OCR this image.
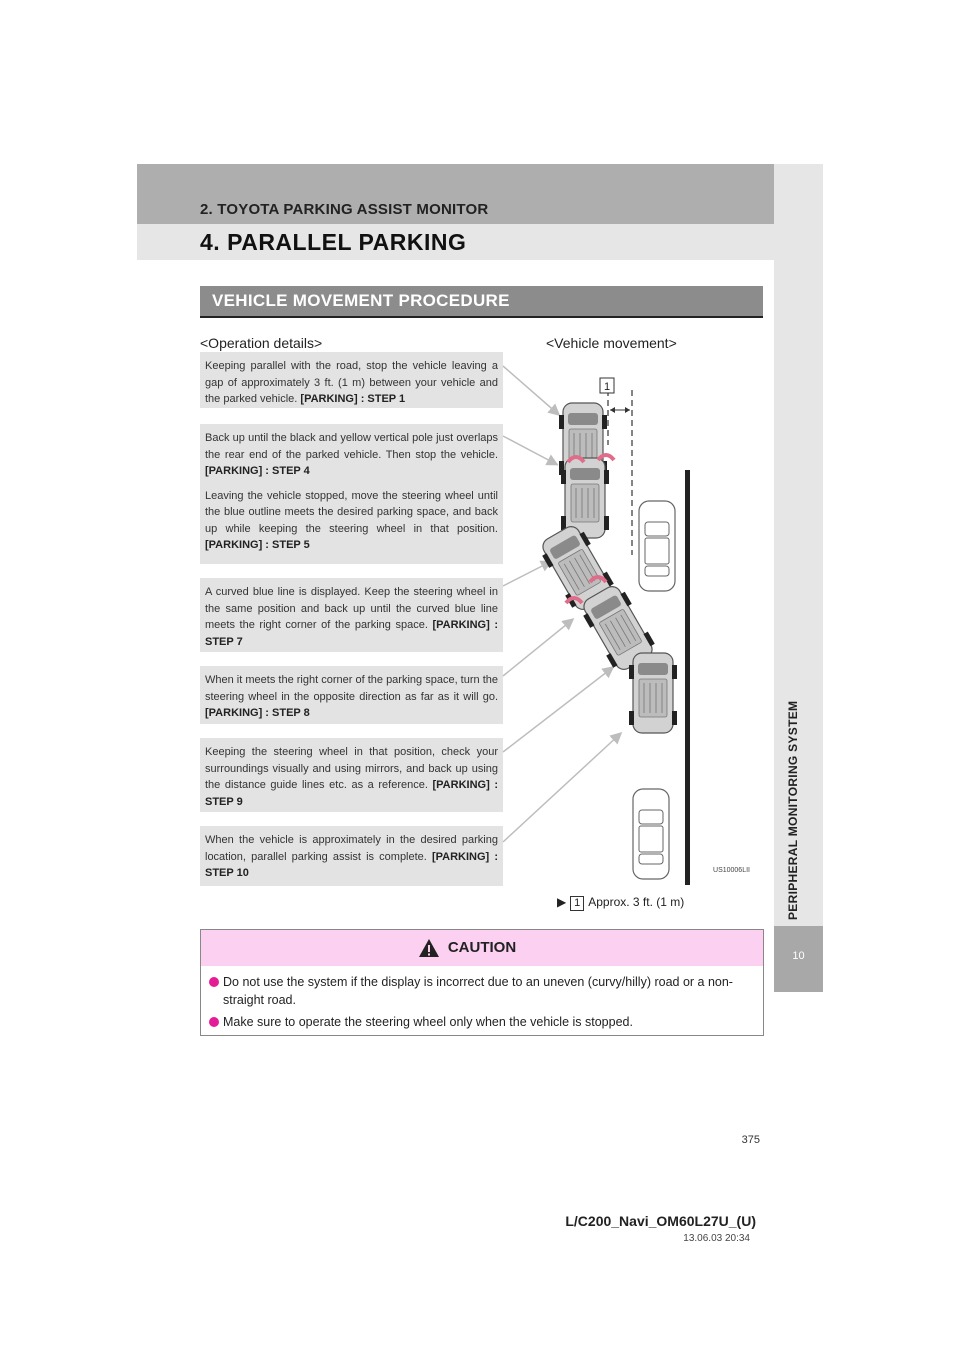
2. TOYOTA PARKING ASSIST MONITOR
4. PARALLEL PARKING
10
PERIPHERAL MONITORING SYSTEM
VEHICLE MOVEMENT PROCEDURE
<Operation details>	<Vehicle movement>

Keeping parallel with the road, stop the vehicle leaving a gap of approximately 3 ft. (1 m) between your vehicle and the parked vehicle. [PARKING] : STEP 1

Back up until the black and yellow vertical pole just overlaps the rear end of the parked vehicle. Then stop the vehicle. [PARKING] : STEP 4

Leaving the vehicle stopped, move the steering wheel until the blue outline meets the desired parking space, and back up while keeping the steering wheel in that position. [PARKING] : STEP 5

A curved blue line is displayed. Keep the steering wheel in the same position and back up until the curved blue line meets the right corner of the parking space. [PARKING] : STEP 7

When it meets the right corner of the parking space, turn the steering wheel in the opposite direction as far as it will go. [PARKING] : STEP 8

Keeping the steering wheel in that position, check your surroundings visually and using mirrors, and back up using the distance guide lines etc. as a reference. [PARKING] : STEP 9

When the vehicle is approximately in the desired parking location, parallel parking assist is complete. [PARKING] : STEP 10

1
US10006LII
▶ 1 Approx. 3 ft. (1 m)
CAUTION
Do not use the system if the display is incorrect due to an uneven (curvy/hilly) road or a non-straight road.
Make sure to operate the steering wheel only when the vehicle is stopped.
375
L/C200_Navi_OM60L27U_(U)
13.06.03 20:34
